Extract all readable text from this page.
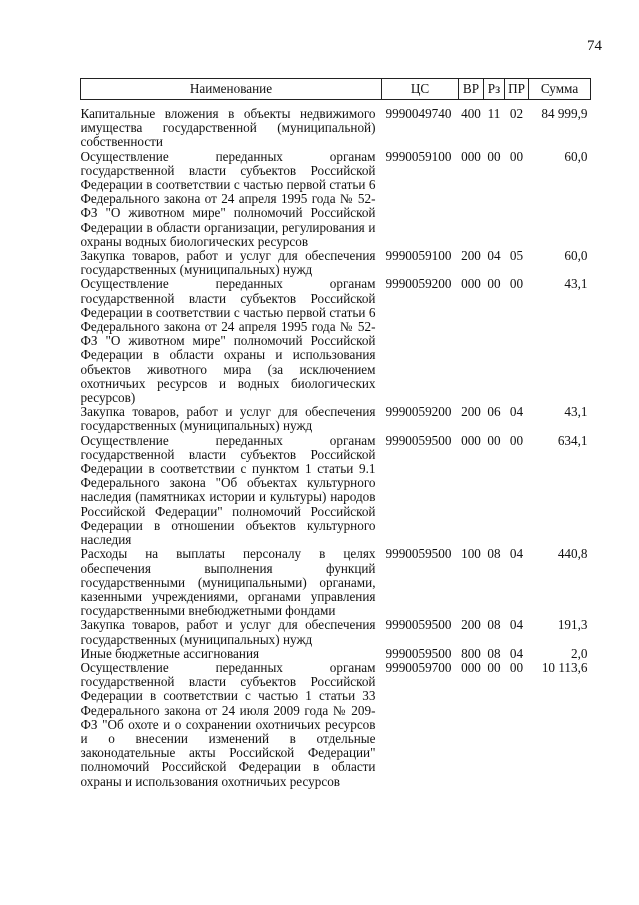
74
Наименование	ЦС	ВР	Рз	ПР	Сумма
Капитальные вложения в объекты недвижимого имущества государственной (муниципальной) собственности	9990049740	400	11	02	84 999,9
Осуществление переданных органам государственной власти субъектов Российской Федерации в соответствии с частью первой статьи 6 Федерального закона от 24 апреля 1995 года № 52-ФЗ "О животном мире" полномочий Российской Федерации в области организации, регулирования и охраны водных биологических ресурсов	9990059100	000	00	00	60,0
Закупка товаров, работ и услуг для обеспечения государственных (муниципальных) нужд	9990059100	200	04	05	60,0
Осуществление переданных органам государственной власти субъектов Российской Федерации в соответствии с частью первой статьи 6 Федерального закона от 24 апреля 1995 года № 52-ФЗ "О животном мире" полномочий Российской Федерации в области охраны и использования объектов животного мира (за исключением охотничьих ресурсов и водных биологических ресурсов)	9990059200	000	00	00	43,1
Закупка товаров, работ и услуг для обеспечения государственных (муниципальных) нужд	9990059200	200	06	04	43,1
Осуществление переданных органам государственной власти субъектов Российской Федерации в соответствии с пунктом 1 статьи 9.1 Федерального закона "Об объектах культурного наследия (памятниках истории и культуры) народов Российской Федерации" полномочий Российской Федерации в отношении объектов культурного наследия	9990059500	000	00	00	634,1
Расходы на выплаты персоналу в целях обеспечения выполнения функций государственными (муниципальными) органами, казенными учреждениями, органами управления государственными внебюджетными фондами	9990059500	100	08	04	440,8
Закупка товаров, работ и услуг для обеспечения государственных (муниципальных) нужд	9990059500	200	08	04	191,3
Иные бюджетные ассигнования	9990059500	800	08	04	2,0
Осуществление переданных органам государственной власти субъектов Российской Федерации в соответствии с частью 1 статьи 33 Федерального закона от 24 июля 2009 года № 209-ФЗ "Об охоте и о сохранении охотничьих ресурсов и о внесении изменений в отдельные законодательные акты Российской Федерации" полномочий Российской Федерации в области охраны и использования охотничьих ресурсов	9990059700	000	00	00	10 113,6
